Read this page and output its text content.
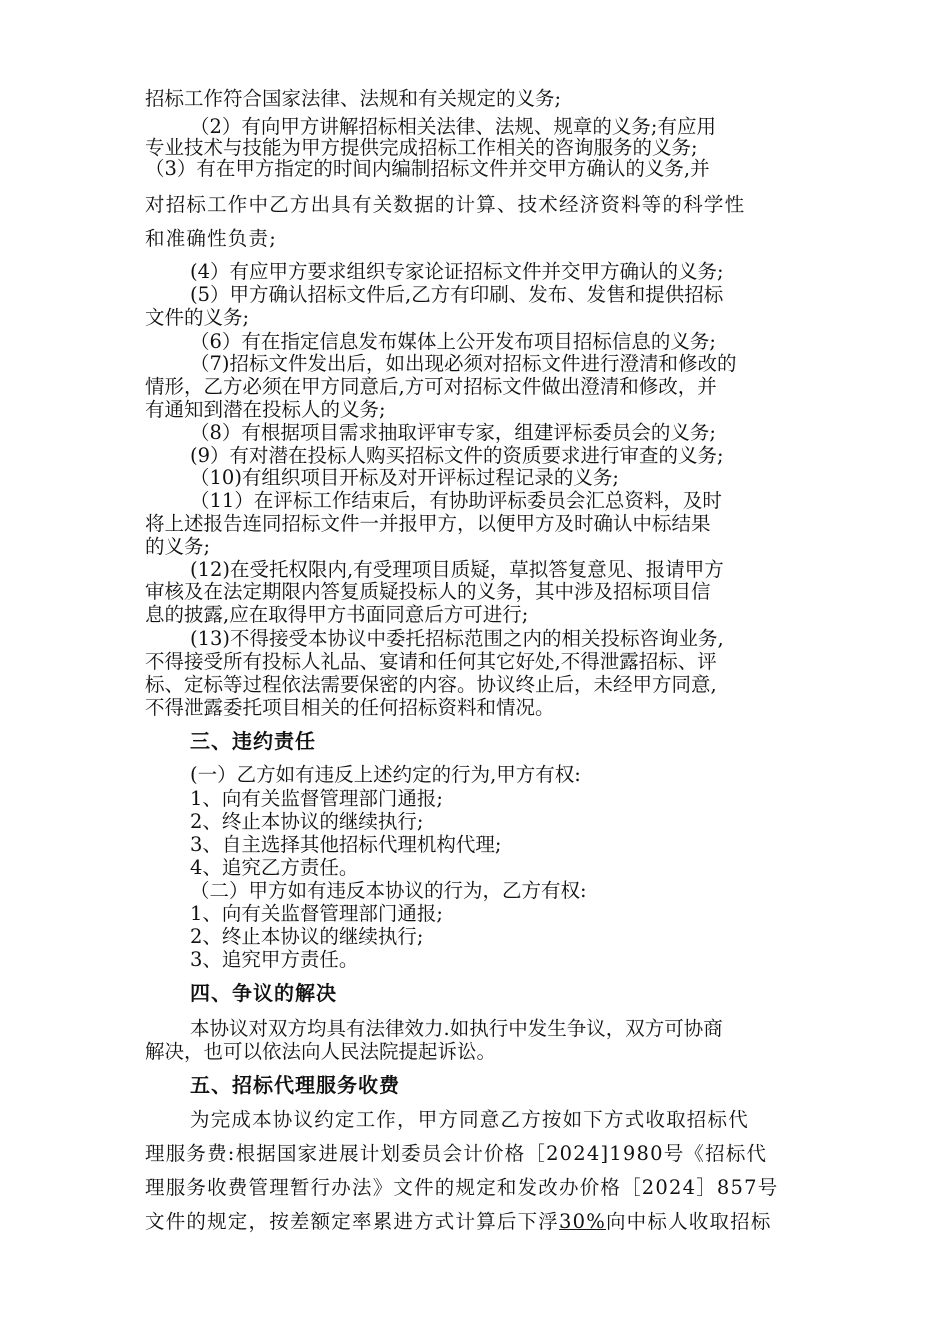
招标工作符合国家法律、法规和有关规定的义务;
（2）有向甲方讲解招标相关法律、法规、规章的义务;有应用
专业技术与技能为甲方提供完成招标工作相关的咨询服务的义务;
（3）有在甲方指定的时间内编制招标文件并交甲方确认的义务,并
对招标工作中乙方出具有关数据的计算、技术经济资料等的科学性
和准确性负责;
(4）有应甲方要求组织专家论证招标文件并交甲方确认的义务;
(5）甲方确认招标文件后,乙方有印刷、发布、发售和提供招标
文件的义务;
（6）有在指定信息发布媒体上公开发布项目招标信息的义务;
（7)招标文件发出后，如出现必须对招标文件进行澄清和修改的
情形，乙方必须在甲方同意后,方可对招标文件做出澄清和修改，并
有通知到潜在投标人的义务;
（8）有根据项目需求抽取评审专家，组建评标委员会的义务;
(9）有对潜在投标人购买招标文件的资质要求进行审查的义务;
（10)有组织项目开标及对开评标过程记录的义务;
（11）在评标工作结束后，有协助评标委员会汇总资料，及时
将上述报告连同招标文件一并报甲方，以便甲方及时确认中标结果
的义务;
(12)在受托权限内,有受理项目质疑，草拟答复意见、报请甲方
审核及在法定期限内答复质疑投标人的义务，其中涉及招标项目信
息的披露,应在取得甲方书面同意后方可进行;
(13)不得接受本协议中委托招标范围之内的相关投标咨询业务,
不得接受所有投标人礼品、宴请和任何其它好处,不得泄露招标、评
标、定标等过程依法需要保密的内容。协议终止后，未经甲方同意,
不得泄露委托项目相关的任何招标资料和情况。
三、违约责任
(一）乙方如有违反上述约定的行为,甲方有权:
1、向有关监督管理部门通报;
2、终止本协议的继续执行;
3、自主选择其他招标代理机构代理;
4、追究乙方责任。
（二）甲方如有违反本协议的行为，乙方有权:
1、向有关监督管理部门通报;
2、终止本协议的继续执行;
3、追究甲方责任。
四、争议的解决
本协议对双方均具有法律效力.如执行中发生争议，双方可协商
解决，也可以依法向人民法院提起诉讼。
五、招标代理服务收费
为完成本协议约定工作，甲方同意乙方按如下方式收取招标代
理服务费:根据国家进展计划委员会计价格［2024]1980号《招标代
理服务收费管理暂行办法》文件的规定和发改办价格［2024］857号
文件的规定，按差额定率累进方式计算后下浮30%向中标人收取招标
